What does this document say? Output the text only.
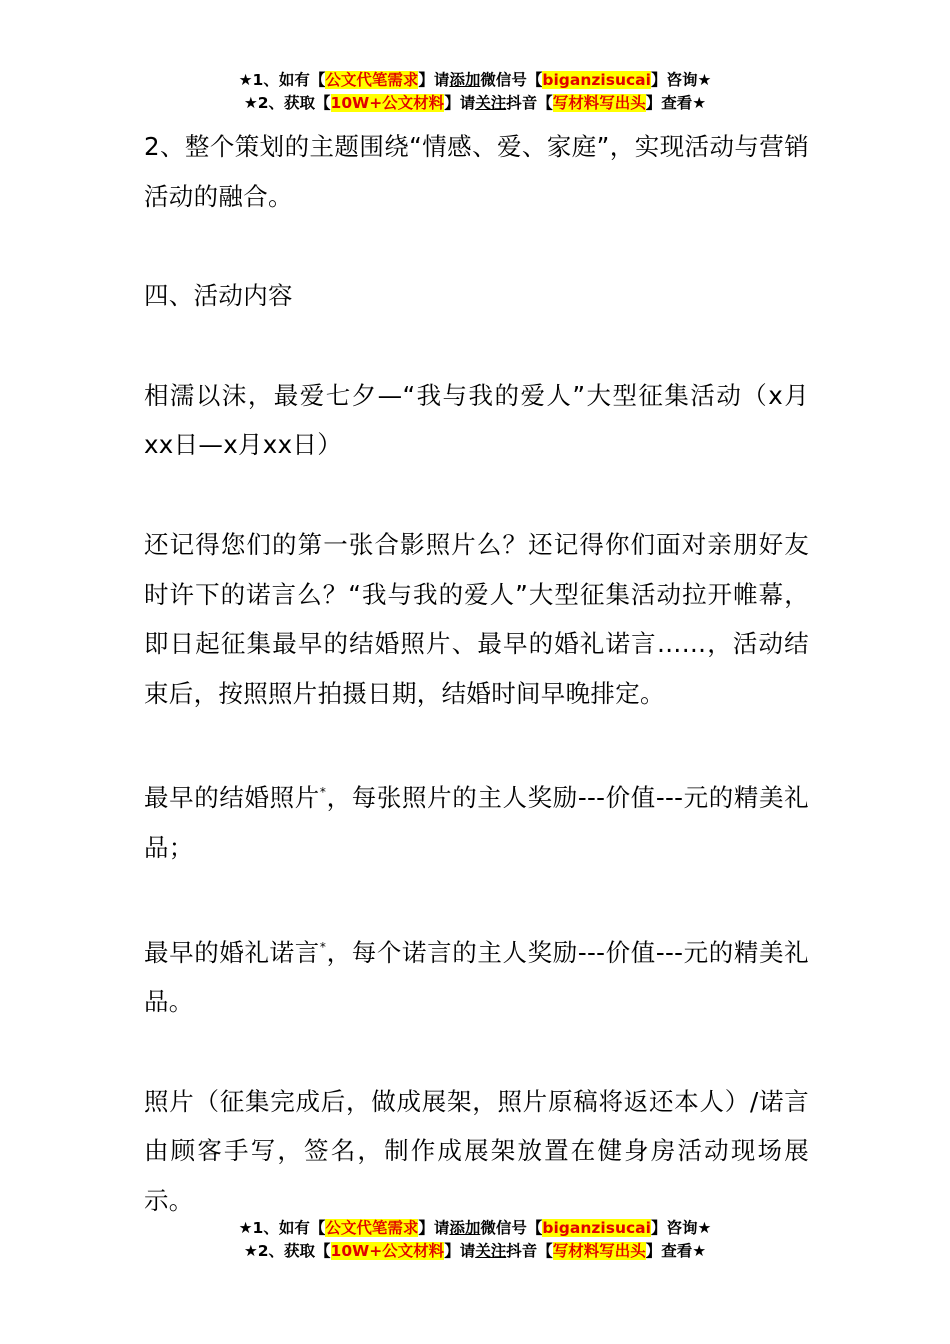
★1、如有【公文代笔需求】请添加微信号【biganzisucai】咨询★
★2、获取【10W+公文材料】请关注抖音【写材料写出头】查看★

2、整个策划的主题围绕“情感、爱、家庭”，实现活动与营销活动的融合。

四、活动内容

相濡以沫，最爱七夕—“我与我的爱人”大型征集活动（x月xx日—x月xx日）

还记得您们的第一张合影照片么？还记得你们面对亲朋好友时许下的诺言么？“我与我的爱人”大型征集活动拉开帷幕，即日起征集最早的结婚照片、最早的婚礼诺言……，活动结束后，按照照片拍摄日期，结婚时间早晚排定。

最早的结婚照片*，每张照片的主人奖励---价值---元的精美礼品；

最早的婚礼诺言*，每个诺言的主人奖励---价值---元的精美礼品。

照片（征集完成后，做成展架，照片原稿将返还本人）/诺言由顾客手写，签名，制作成展架放置在健身房活动现场展示。

★1、如有【公文代笔需求】请添加微信号【biganzisucai】咨询★
★2、获取【10W+公文材料】请关注抖音【写材料写出头】查看★
